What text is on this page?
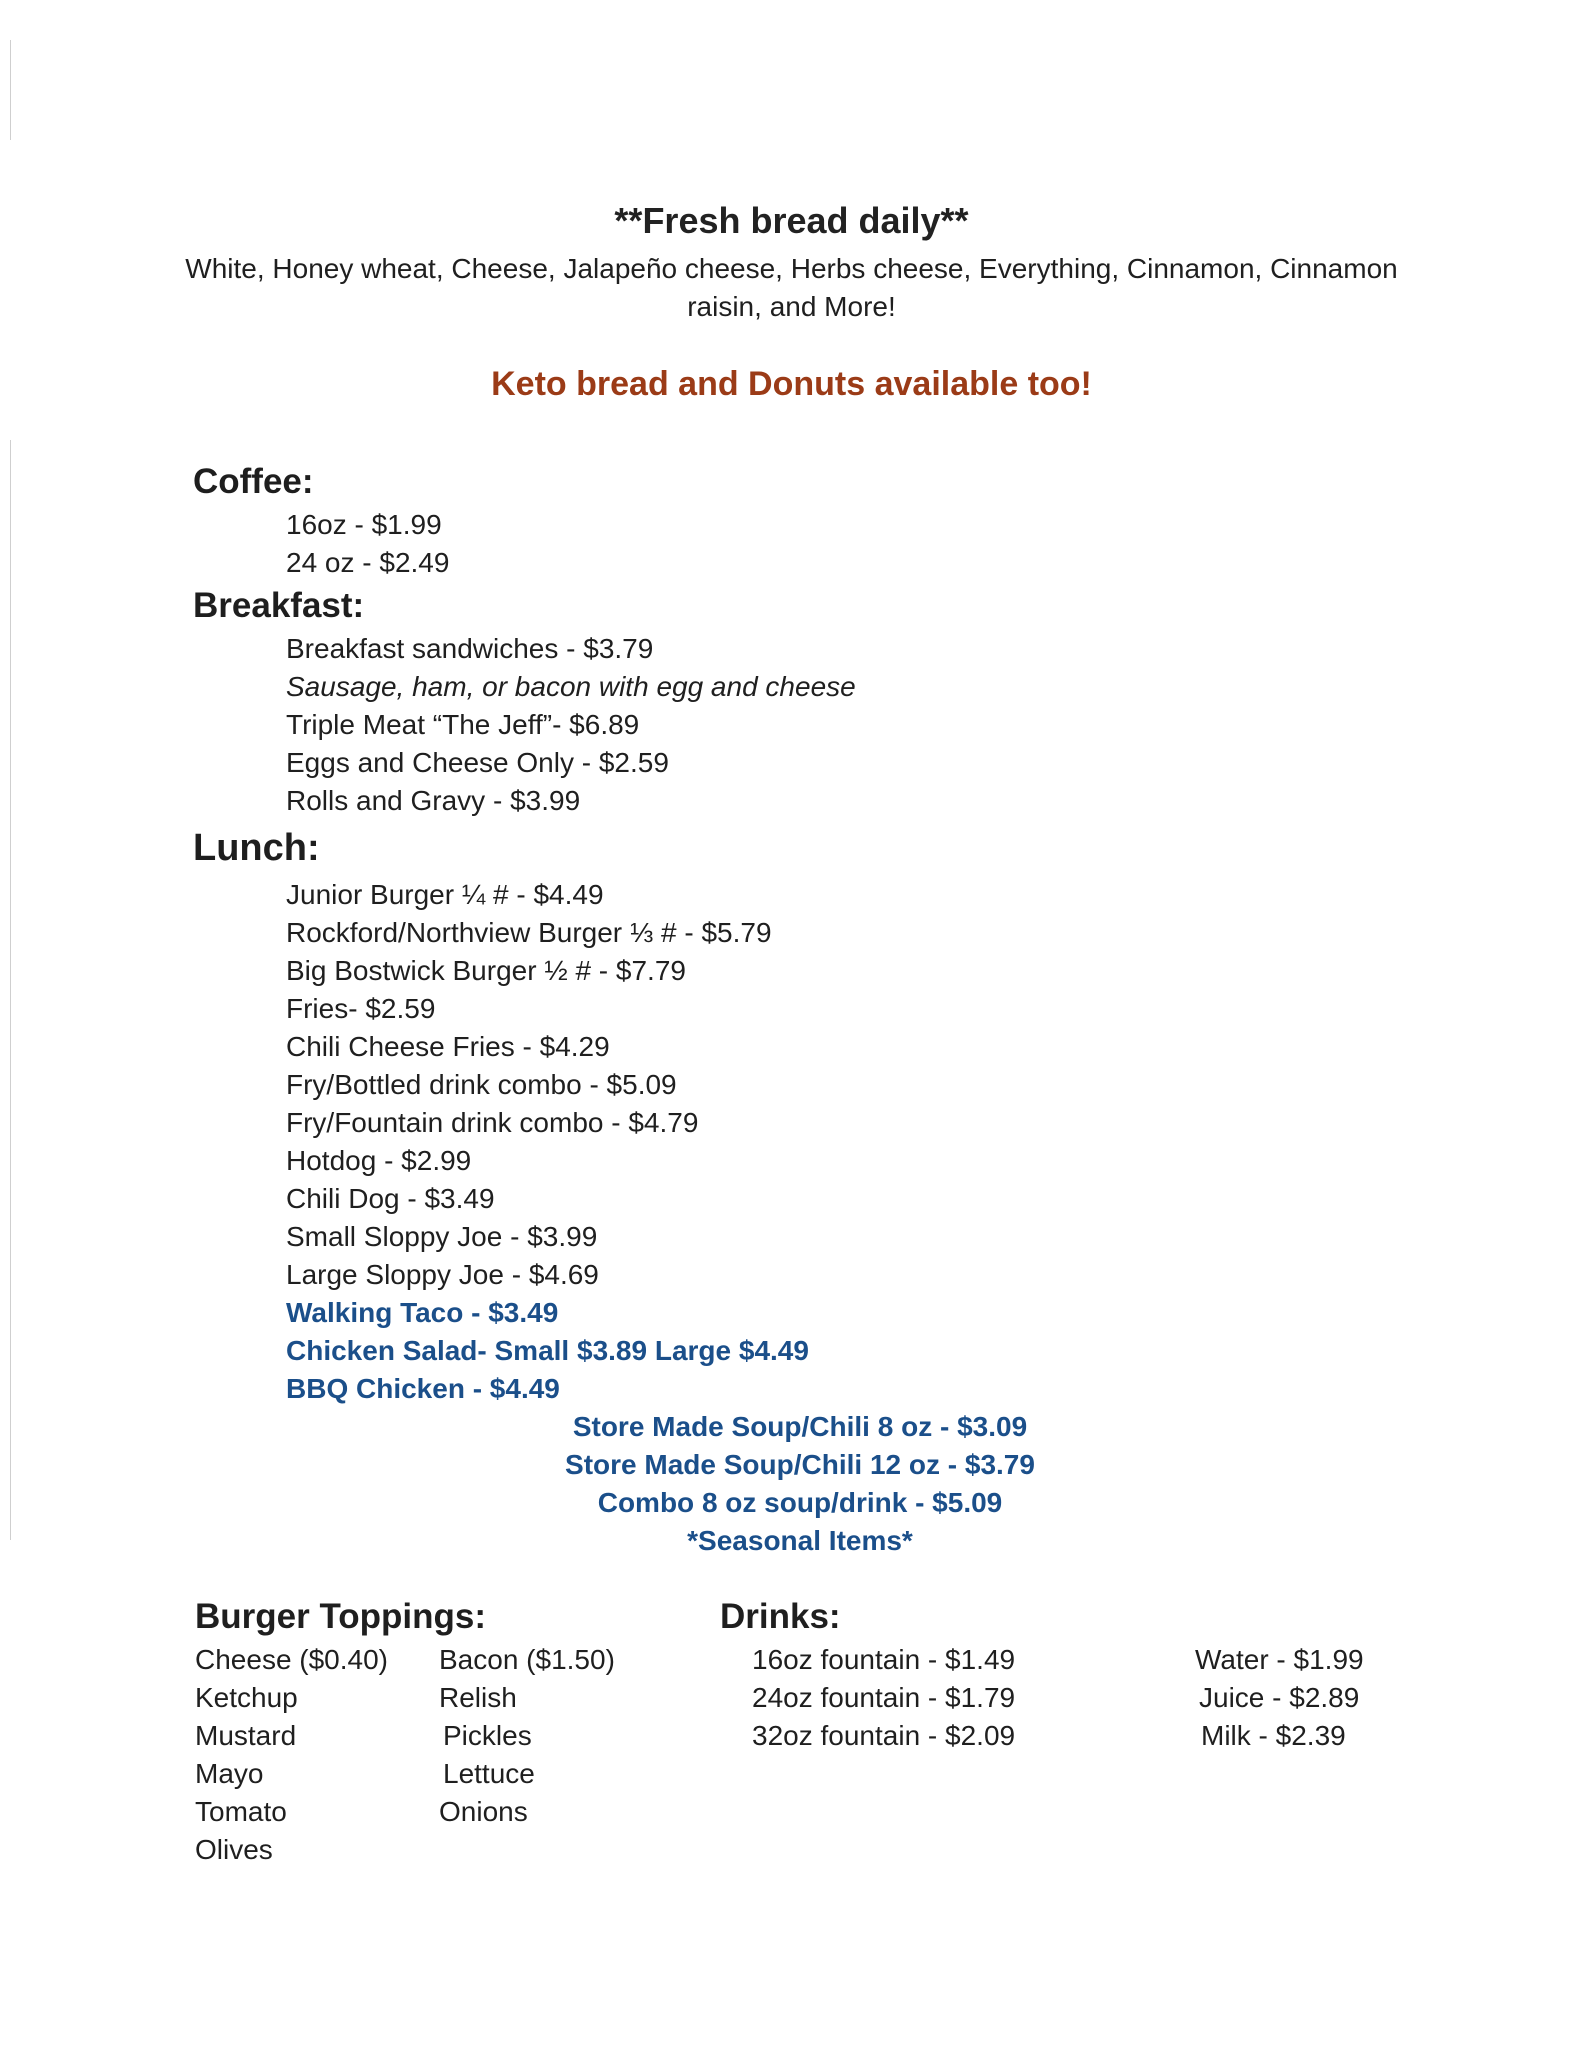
**Fresh bread daily**
White, Honey wheat, Cheese, Jalapeño cheese, Herbs cheese, Everything, Cinnamon, Cinnamon raisin, and More!
Keto bread and Donuts available too!
Coffee:
16oz - $1.99
24 oz - $2.49
Breakfast:
Breakfast sandwiches - $3.79
Sausage, ham, or bacon with egg and cheese
Triple Meat “The Jeff”- $6.89
Eggs and Cheese Only - $2.59
Rolls and Gravy - $3.99
Lunch:
Junior Burger ¼ # - $4.49
Rockford/Northview Burger ⅓ # - $5.79
Big Bostwick Burger ½ # - $7.79
Fries- $2.59
Chili Cheese Fries - $4.29
Fry/Bottled drink combo - $5.09
Fry/Fountain drink combo - $4.79
Hotdog - $2.99
Chili Dog - $3.49
Small Sloppy Joe - $3.99
Large Sloppy Joe - $4.69
Walking Taco - $3.49
Chicken Salad- Small $3.89 Large $4.49
BBQ Chicken - $4.49
Store Made Soup/Chili 8 oz - $3.09
Store Made Soup/Chili 12 oz - $3.79
Combo 8 oz soup/drink - $5.09
*Seasonal Items*
Burger Toppings:
Cheese ($0.40)
Ketchup
Mustard
Mayo
Tomato
Olives
Bacon ($1.50)
Relish
Pickles
Lettuce
Onions
Drinks:
16oz fountain - $1.49
24oz fountain - $1.79
32oz fountain - $2.09
Water - $1.99
Juice - $2.89
Milk - $2.39
